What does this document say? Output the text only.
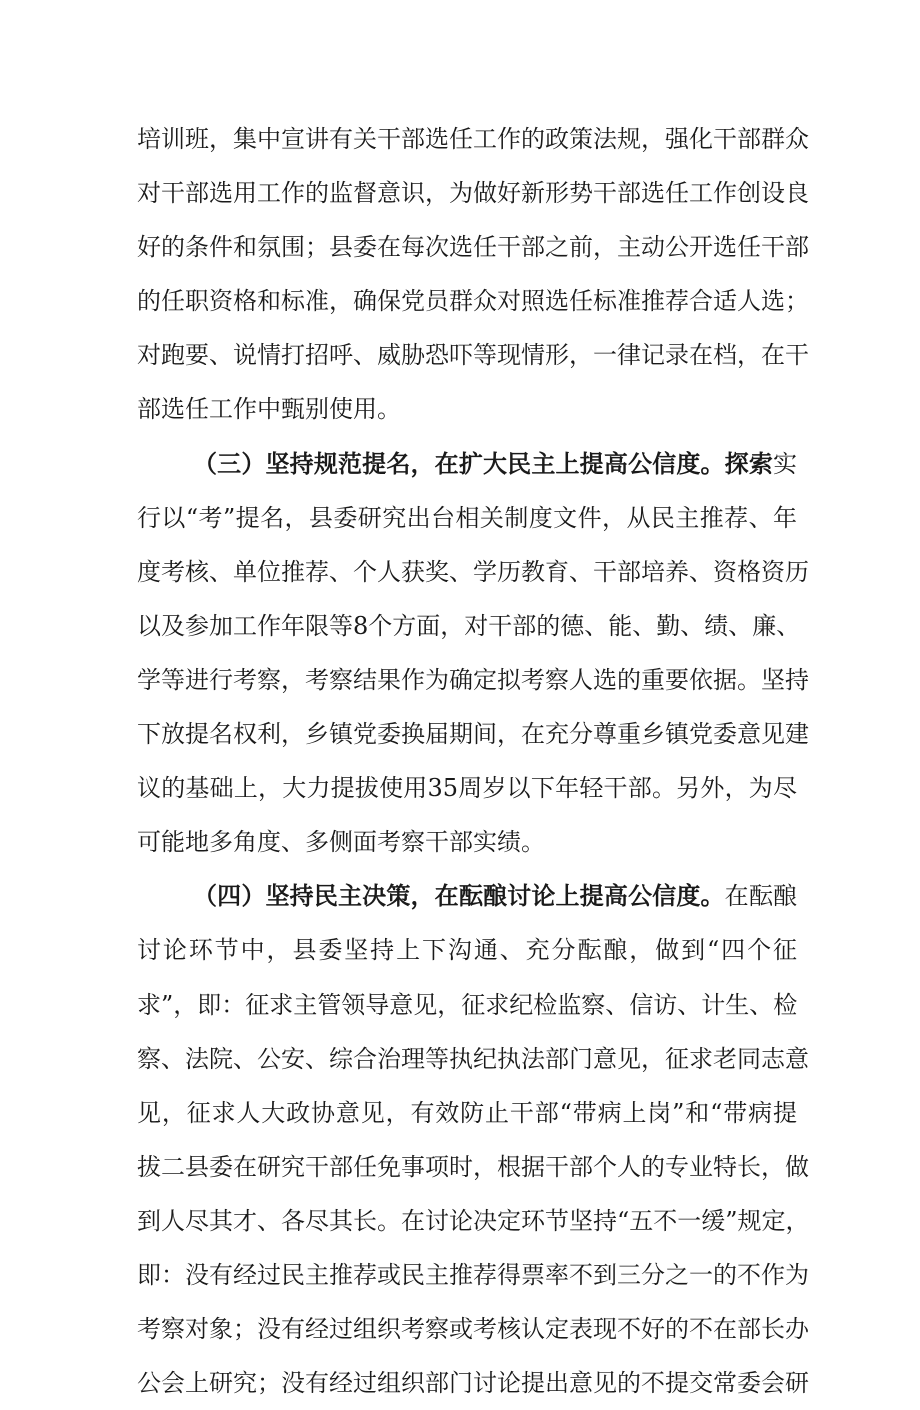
培训班，集中宣讲有关干部选任工作的政策法规，强化干部群众
对干部选用工作的监督意识，为做好新形势干部选任工作创设良
好的条件和氛围；县委在每次选任干部之前，主动公开选任干部
的任职资格和标准，确保党员群众对照选任标准推荐合适人选；
对跑要、说情打招呼、威胁恐吓等现情形，一律记录在档，在干
部选任工作中甄别使用。
（三）坚持规范提名，在扩大民主上提高公信度。探索实
行以“考”提名，县委研究出台相关制度文件，从民主推荐、年
度考核、单位推荐、个人获奖、学历教育、干部培养、资格资历
以及参加工作年限等8个方面，对干部的德、能、勤、绩、廉、
学等进行考察，考察结果作为确定拟考察人选的重要依据。坚持
下放提名权利，乡镇党委换届期间，在充分尊重乡镇党委意见建
议的基础上，大力提拔使用35周岁以下年轻干部。另外，为尽
可能地多角度、多侧面考察干部实绩。
（四）坚持民主决策，在酝酿讨论上提高公信度。在酝酿
讨论环节中，县委坚持上下沟通、充分酝酿，做到“四个征
求”，即：征求主管领导意见，征求纪检监察、信访、计生、检
察、法院、公安、综合治理等执纪执法部门意见，征求老同志意
见，征求人大政协意见，有效防止干部“带病上岗”和“带病提
拔二县委在研究干部任免事项时，根据干部个人的专业特长，做
到人尽其才、各尽其长。在讨论决定环节坚持“五不一缓”规定，
即：没有经过民主推荐或民主推荐得票率不到三分之一的不作为
考察对象；没有经过组织考察或考核认定表现不好的不在部长办
公会上研究；没有经过组织部门讨论提出意见的不提交常委会研
